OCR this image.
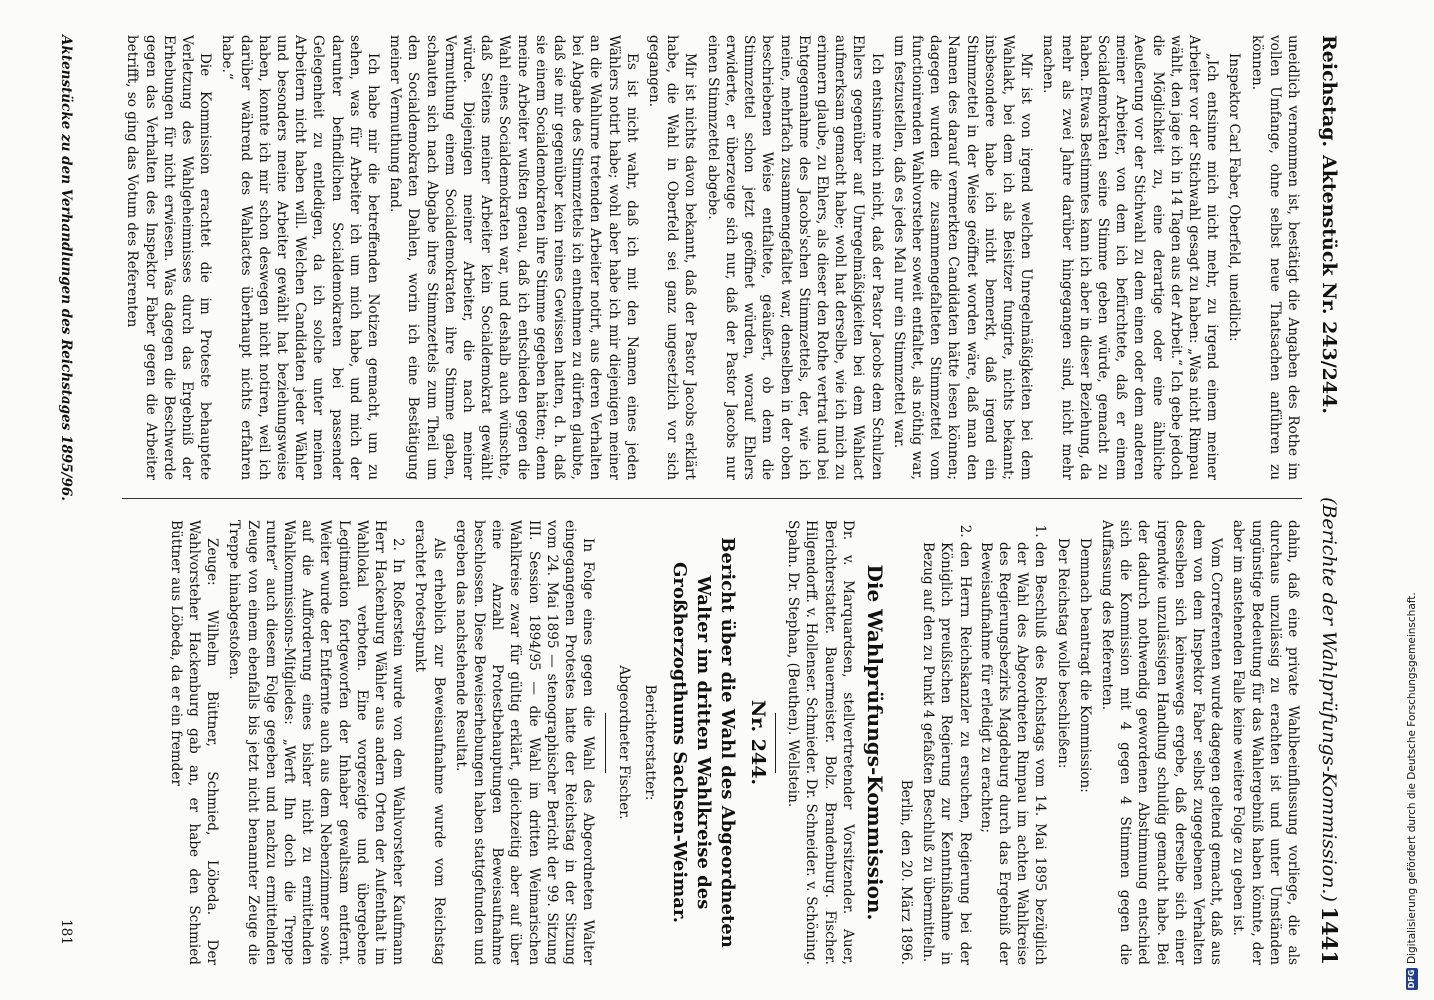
Reichstag.
Aktenstück Nr. 243/244.
(Berichte der Wahlprüfungs-Kommission.)
1441

uneidlich vernommen ist, bestätigt die Angaben des Rothe im vollen Umfange, ohne selbst neue Thatsachen anführen zu können.

Inspektor Carl Faber, Oberfeld, uneidlich:

„Ich entsinne mich nicht mehr, zu irgend einem meiner Arbeiter vor der Stichwahl gesagt zu haben: „Was nicht Rimpau wählt, den jage ich in 14 Tagen aus der Arbeit.“ Ich gebe jedoch die Möglichkeit zu, eine derartige oder eine ähnliche Aeußerung vor der Stichwahl zu dem einen oder dem anderen meiner Arbeiter, von dem ich befürchtete, daß er einem Socialdemokraten seine Stimme geben würde, gemacht zu haben. Etwas Bestimmtes kann ich aber in dieser Beziehung, da mehr als zwei Jahre darüber hingegangen sind, nicht mehr machen.

Mir ist von irgend welchen Unregelmäßigkeiten bei dem Wahlakt, bei dem ich als Beisitzer fungirte, nichts bekannt; insbesondere habe ich nicht bemerkt, daß irgend ein Stimmzettel in der Weise geöffnet worden wäre, daß man den Namen des darauf vermerkten Candidaten hätte lesen können; dagegen wurden die zusammengefalteten Stimmzettel vom functionirenden Wahlvorsteher soweit entfaltet, als nöthig war, um festzustellen, daß es jedes Mal nur ein Stimmzettel war.

Ich entsinne mich nicht, daß der Pastor Jacobs dem Schulzen Ehlers gegenüber auf Unregelmäßigkeiten bei dem Wahlact aufmerksam gemacht habe; wohl hat derselbe, wie ich mich zu erinnern glaube, zu Ehlers, als dieser den Rothe vertrat und bei Entgegennahme des Jacobs'schen Stimmzettels, der, wie ich meine, mehrfach zusammengefaltet war, denselben in der oben beschriebenen Weise entfaltete, geäußert, ob denn die Stimmzettel schon jetzt geöffnet würden, worauf Ehlers erwiderte, er überzeuge sich nur, daß der Pastor Jacobs nur einen Stimmzettel abgebe.

Mir ist nichts davon bekannt, daß der Pastor Jacobs erklärt habe, die Wahl in Oberfeld sei ganz ungesetzlich vor sich gegangen.

Es ist nicht wahr, daß ich mit den Namen eines jeden Wählers notirt habe; wohl aber habe ich mir diejenigen meiner an die Wahlurne tretenden Arbeiter notirt, aus deren Verhalten bei Abgabe des Stimmzettels ich entnehmen zu dürfen glaubte, daß sie mir gegenüber kein reines Gewissen hatten, d. h. daß sie einem Socialdemokraten ihre Stimme gegeben hätten; denn meine Arbeiter wußten genau, daß ich entschieden gegen die Wahl eines Socialdemokraten war, und deshalb auch wünschte, daß Seitens meiner Arbeiter kein Socialdemokrat gewählt würde. Diejenigen meiner Arbeiter, die nach meiner Vermuthung einem Socialdemokraten ihre Stimme gaben, schauten sich nach Abgabe ihres Stimmzettels zum Theil um den Socialdemokraten Dahlen, worin ich eine Bestätigung meiner Vermuthung fand.

Ich habe mir die betreffenden Notizen gemacht, um zu sehen, was für Arbeiter ich um mich habe, und mich der darunter befindlichen Socialdemokraten bei passender Gelegenheit zu entledigen, da ich solche unter meinen Arbeitern nicht haben will. Welchen Candidaten jeder Wähler und besonders meine Arbeiter gewählt hat beziehungsweise haben, konnte ich mir schon deswegen nicht notiren, weil ich darüber während des Wahlactes überhaupt nichts erfahren habe.“

Die Kommission erachtet die im Proteste behauptete Verletzung des Wahlgeheimnisses durch das Ergebniß der Erhebungen für nicht erwiesen. Was dagegen die Beschwerde gegen das Verhalten des Inspektor Faber gegen die Arbeiter betrifft, so ging das Votum des Referenten

dahin, daß eine private Wahlbeeinflussung vorliege, die als durchaus unzulässig zu erachten ist und unter Umständen ungünstige Bedeutung für das Wahlergebniß haben könnte, der aber im anstehenden Falle keine weitere Folge zu geben ist.

Vom Correferenten wurde dagegen geltend gemacht, daß aus dem von dem Inspektor Faber selbst zugegebenen Verhalten desselben sich keineswegs ergebe, daß derselbe sich einer irgendwie unzulässigen Handlung schuldig gemacht habe. Bei der dadurch nothwendig gewordenen Abstimmung entschied sich die Kommission mit 4 gegen 4 Stimmen gegen die Auffassung des Referenten.

Demnach beantragt die Kommission:

Der Reichstag wolle beschließen:

1. den Beschluß des Reichstags vom 14. Mai 1895 bezüglich der Wahl des Abgeordneten Rimpau im achten Wahlkreise des Regierungsbezirks Magdeburg durch das Ergebniß der Beweisaufnahme für erledigt zu erachten;
2. den Herrn Reichskanzler zu ersuchen, Regierung bei der Königlich preußischen Regierung zur Kenntnißnahme in Bezug auf den zu Punkt 4 gefaßten Beschluß zu übermitteln.

Berlin, den 20. März 1896.

Die Wahlprüfungs-Kommission.

Dr. v. Marquardsen, stellvertretender Vorsitzender. Auer, Berichterstatter. Bauermeister. Bolz. Brandenburg. Fischer. Hilgendorff. v. Hollenser. Schmieder. Dr. Schneider. v. Schöning. Spahn. Dr. Stephan, (Beuthen). Wellstein.

Nr. 244.

Bericht über die Wahl des Abgeordneten Walter im dritten Wahlkreise des Großherzogthums Sachsen-Weimar.

Berichterstatter:

Abgeordneter Fischer.

In Folge eines gegen die Wahl des Abgeordneten Walter eingegangenen Protestes hatte der Reichstag in der Sitzung vom 24. Mai 1895 — stenographischer Bericht der 99. Sitzung III. Session 1894/95 — die Wahl im dritten Weimarischen Wahlkreise zwar für gültig erklärt, gleichzeitig aber auf über eine Anzahl Protestbehauptungen Beweisaufnahme beschlossen. Diese Beweiserhebungen haben stattgefunden und ergeben das nachstehende Resultat.

Als erheblich zur Beweisaufnahme wurde vom Reichstag erachtet Protestpunkt

2. In Roßerstein wurde von dem Wahlvorsteher Kaufmann Herr Hackenburg Wähler aus andern Orten der Aufenthalt im Wahllokal verboten. Eine vorgezeigte und übergebene Legitimation fortgeworfen der Inhaber gewaltsam entfernt. Weiter wurde der Entfernte auch aus dem Nebenzimmer sowie auf die Aufforderung eines bisher nicht zu ermittelnden Wahlkommissions-Mitgliedes: „Werft Ihn doch die Treppe runter“ auch diesem Folge gegeben und nachzu ermittelnden Zeuge von einem ebenfalls bis jetzt nicht benannter Zeuge die Treppe hinabgestoßen.

Zeuge: Wilhelm Büttner, Schmied, Löbeda. Der Wahlvorsteher Hackenburg gab an, er habe den Schmied Büttner aus Löbeda, da er ein fremder

Aktenstücke zu den Verhandlungen des Reichstages 1895/96.
181
DFGDigitalisierung gefördert durch die Deutsche Forschungsgemeinschaft.
